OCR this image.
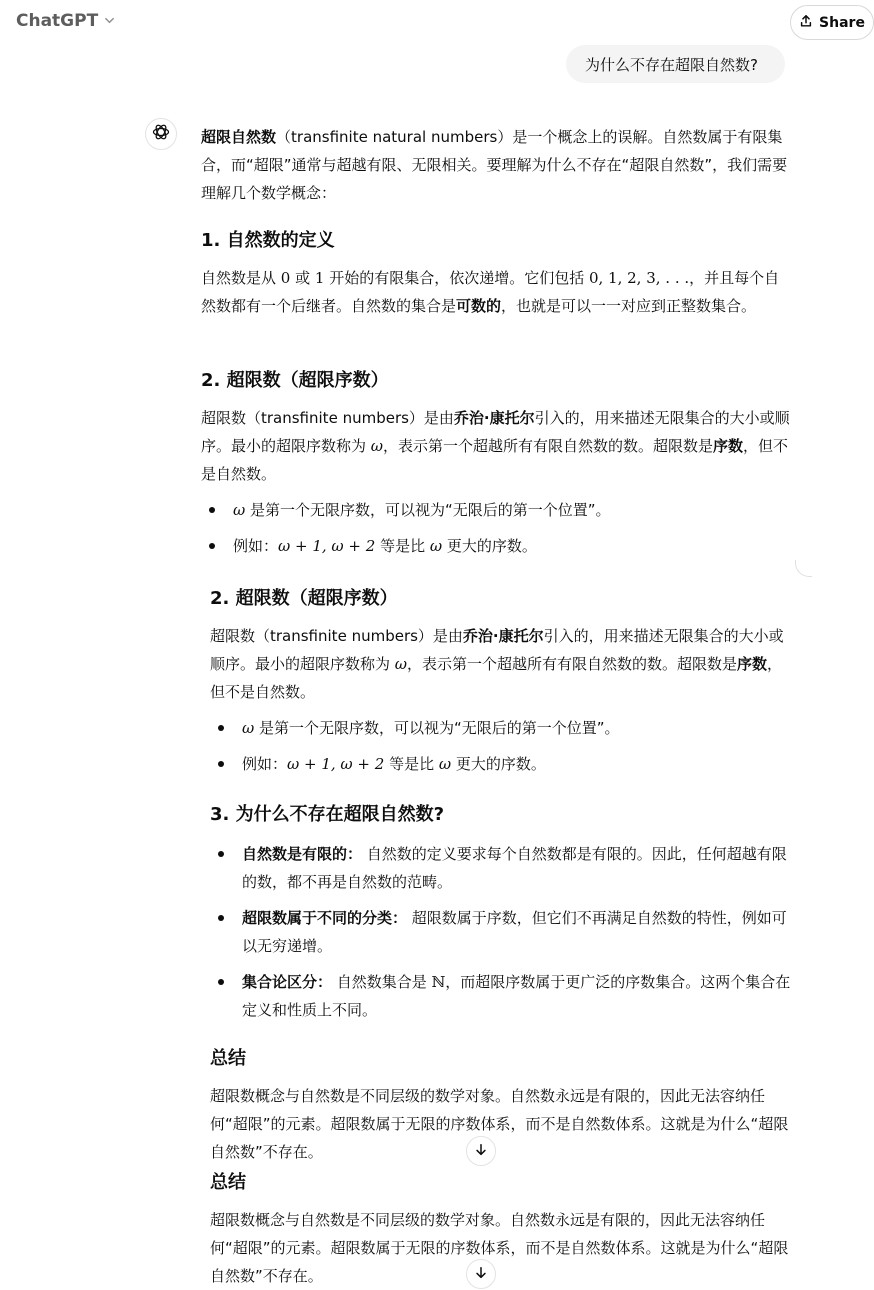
ChatGPT	Share
为什么不存在超限自然数?

超限自然数（transfinite natural numbers）是一个概念上的误解。自然数属于有限集合，而“超限”通常与超越有限、无限相关。要理解为什么不存在“超限自然数”，我们需要理解几个数学概念：

1. 自然数的定义

自然数是从 0 或 1 开始的有限集合，依次递增。它们包括 0, 1, 2, 3, . . .，并且每个自然数都有一个后继者。自然数的集合是可数的，也就是可以一一对应到正整数集合。

2. 超限数（超限序数）

超限数（transfinite numbers）是由乔治·康托尔引入的，用来描述无限集合的大小或顺序。最小的超限序数称为 ω，表示第一个超越所有有限自然数的数。超限数是序数，但不是自然数。

ω 是第一个无限序数，可以视为“无限后的第一个位置”。
例如：ω + 1, ω + 2 等是比 ω 更大的序数。
2. 超限数（超限序数）

超限数（transfinite numbers）是由乔治·康托尔引入的，用来描述无限集合的大小或顺序。最小的超限序数称为 ω，表示第一个超越所有有限自然数的数。超限数是序数，但不是自然数。

ω 是第一个无限序数，可以视为“无限后的第一个位置”。
例如：ω + 1, ω + 2 等是比 ω 更大的序数。
3. 为什么不存在超限自然数?
自然数是有限的： 自然数的定义要求每个自然数都是有限的。因此，任何超越有限的数，都不再是自然数的范畴。
超限数属于不同的分类： 超限数属于序数，但它们不再满足自然数的特性，例如可以无穷递增。
集合论区分： 自然数集合是 ℕ，而超限序数属于更广泛的序数集合。这两个集合在定义和性质上不同。
总结

超限数概念与自然数是不同层级的数学对象。自然数永远是有限的，因此无法容纳任何“超限”的元素。超限数属于无限的序数体系，而不是自然数体系。这就是为什么“超限自然数”不存在。

总结

超限数概念与自然数是不同层级的数学对象。自然数永远是有限的，因此无法容纳任何“超限”的元素。超限数属于无限的序数体系，而不是自然数体系。这就是为什么“超限自然数”不存在。
